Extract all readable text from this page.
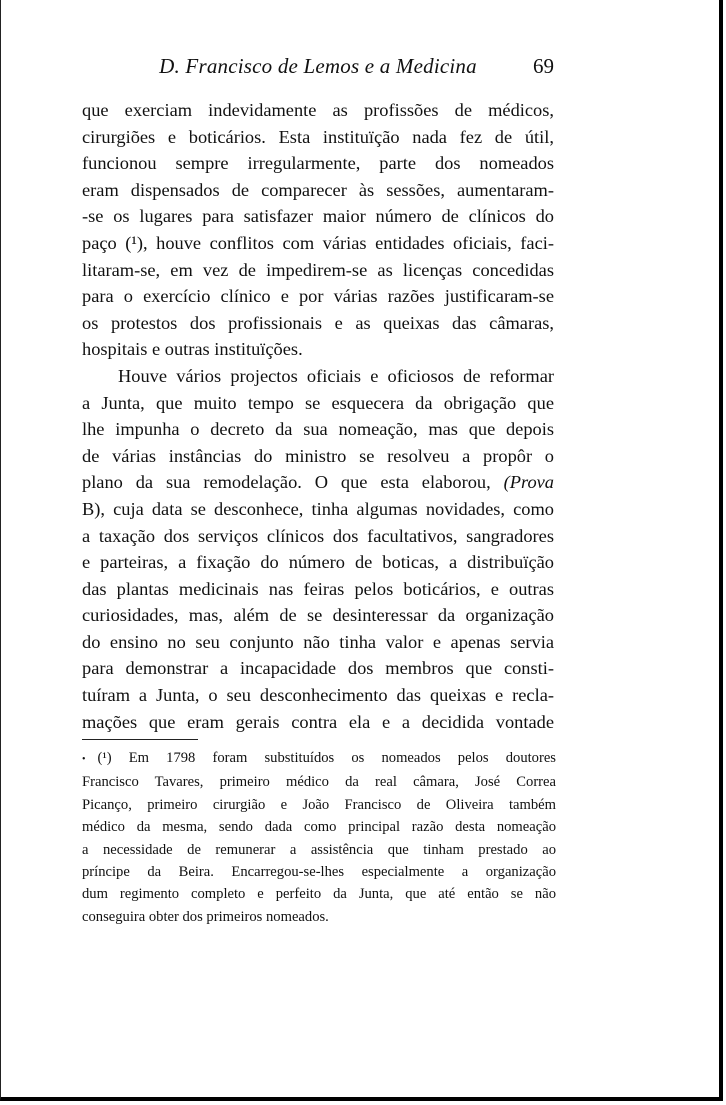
D. Francisco de Lemos e a Medicina	69

que exerciam indevidamente as profissões de médicos,
cirurgiões e boticários. Esta instituïção nada fez de útil,
funcionou sempre irregularmente, parte dos nomeados
eram dispensados de comparecer às sessões, aumentaram-
-se os lugares para satisfazer maior número de clínicos do
paço (¹), houve conflitos com várias entidades oficiais, faci-
litaram-se, em vez de impedirem-se as licenças concedidas
para o exercício clínico e por várias razões justificaram-se
os protestos dos profissionais e as queixas das câmaras,
hospitais e outras instituïções.

Houve vários projectos oficiais e oficiosos de reformar
a Junta, que muito tempo se esquecera da obrigação que
lhe impunha o decreto da sua nomeação, mas que depois
de várias instâncias do ministro se resolveu a propôr o
plano da sua remodelação. O que esta elaborou, (Prova
B), cuja data se desconhece, tinha algumas novidades, como
a taxação dos serviços clínicos dos facultativos, sangradores
e parteiras, a fixação do número de boticas, a distribuïção
das plantas medicinais nas feiras pelos boticários, e outras
curiosidades, mas, além de se desinteressar da organização
do ensino no seu conjunto não tinha valor e apenas servia
para demonstrar a incapacidade dos membros que consti-
tuíram a Junta, o seu desconhecimento das queixas e recla-
mações que eram gerais contra ela e a decidida vontade

• (¹) Em 1798 foram substituídos os nomeados pelos doutores
Francisco Tavares, primeiro médico da real câmara, José Correa
Picanço, primeiro cirurgião e João Francisco de Oliveira também
médico da mesma, sendo dada como principal razão desta nomeação
a necessidade de remunerar a assistência que tinham prestado ao
príncipe da Beira. Encarregou-se-lhes especialmente a organização
dum regimento completo e perfeito da Junta, que até então se não
conseguira obter dos primeiros nomeados.
